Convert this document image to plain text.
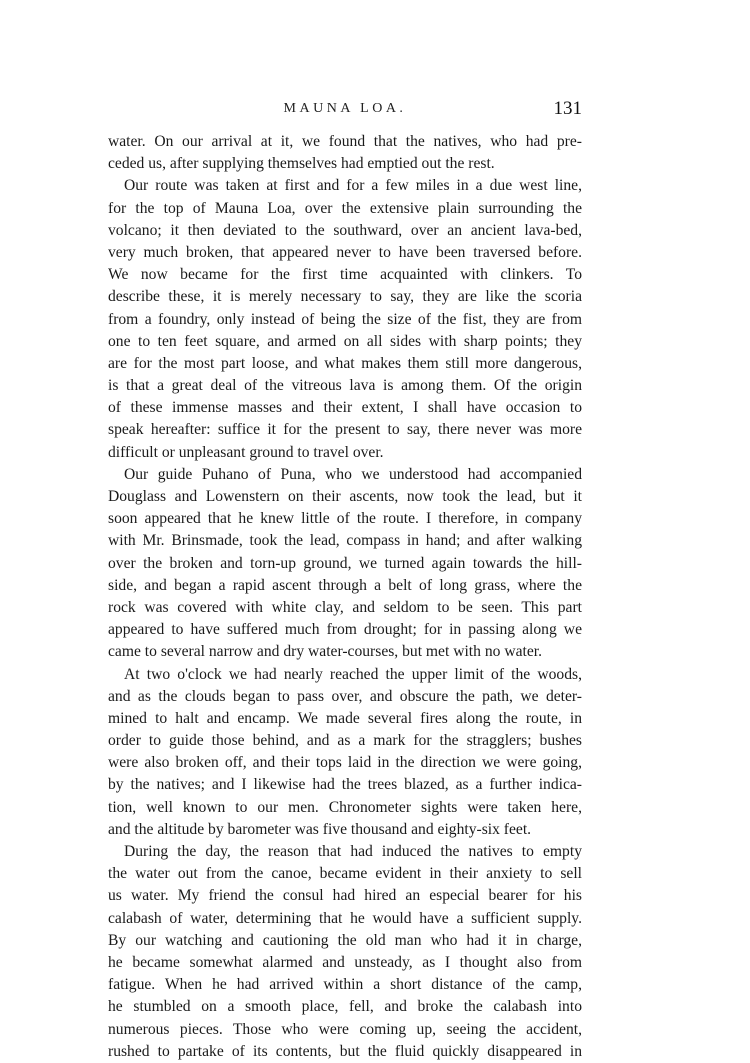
MAUNA LOA.	131
water. On our arrival at it, we found that the natives, who had pre-
ceded us, after supplying themselves had emptied out the rest.
Our route was taken at first and for a few miles in a due west line,
for the top of Mauna Loa, over the extensive plain surrounding the
volcano; it then deviated to the southward, over an ancient lava-bed,
very much broken, that appeared never to have been traversed before.
We now became for the first time acquainted with clinkers. To
describe these, it is merely necessary to say, they are like the scoria
from a foundry, only instead of being the size of the fist, they are from
one to ten feet square, and armed on all sides with sharp points; they
are for the most part loose, and what makes them still more dangerous,
is that a great deal of the vitreous lava is among them. Of the origin
of these immense masses and their extent, I shall have occasion to
speak hereafter: suffice it for the present to say, there never was more
difficult or unpleasant ground to travel over.
Our guide Puhano of Puna, who we understood had accompanied
Douglass and Lowenstern on their ascents, now took the lead, but it
soon appeared that he knew little of the route. I therefore, in company
with Mr. Brinsmade, took the lead, compass in hand; and after walking
over the broken and torn-up ground, we turned again towards the hill-
side, and began a rapid ascent through a belt of long grass, where the
rock was covered with white clay, and seldom to be seen. This part
appeared to have suffered much from drought; for in passing along we
came to several narrow and dry water-courses, but met with no water.
At two o'clock we had nearly reached the upper limit of the woods,
and as the clouds began to pass over, and obscure the path, we deter-
mined to halt and encamp. We made several fires along the route, in
order to guide those behind, and as a mark for the stragglers; bushes
were also broken off, and their tops laid in the direction we were going,
by the natives; and I likewise had the trees blazed, as a further indica-
tion, well known to our men. Chronometer sights were taken here,
and the altitude by barometer was five thousand and eighty-six feet.
During the day, the reason that had induced the natives to empty
the water out from the canoe, became evident in their anxiety to sell
us water. My friend the consul had hired an especial bearer for his
calabash of water, determining that he would have a sufficient supply.
By our watching and cautioning the old man who had it in charge,
he became somewhat alarmed and unsteady, as I thought also from
fatigue. When he had arrived within a short distance of the camp,
he stumbled on a smooth place, fell, and broke the calabash into
numerous pieces. Those who were coming up, seeing the accident,
rushed to partake of its contents, but the fluid quickly disappeared in
